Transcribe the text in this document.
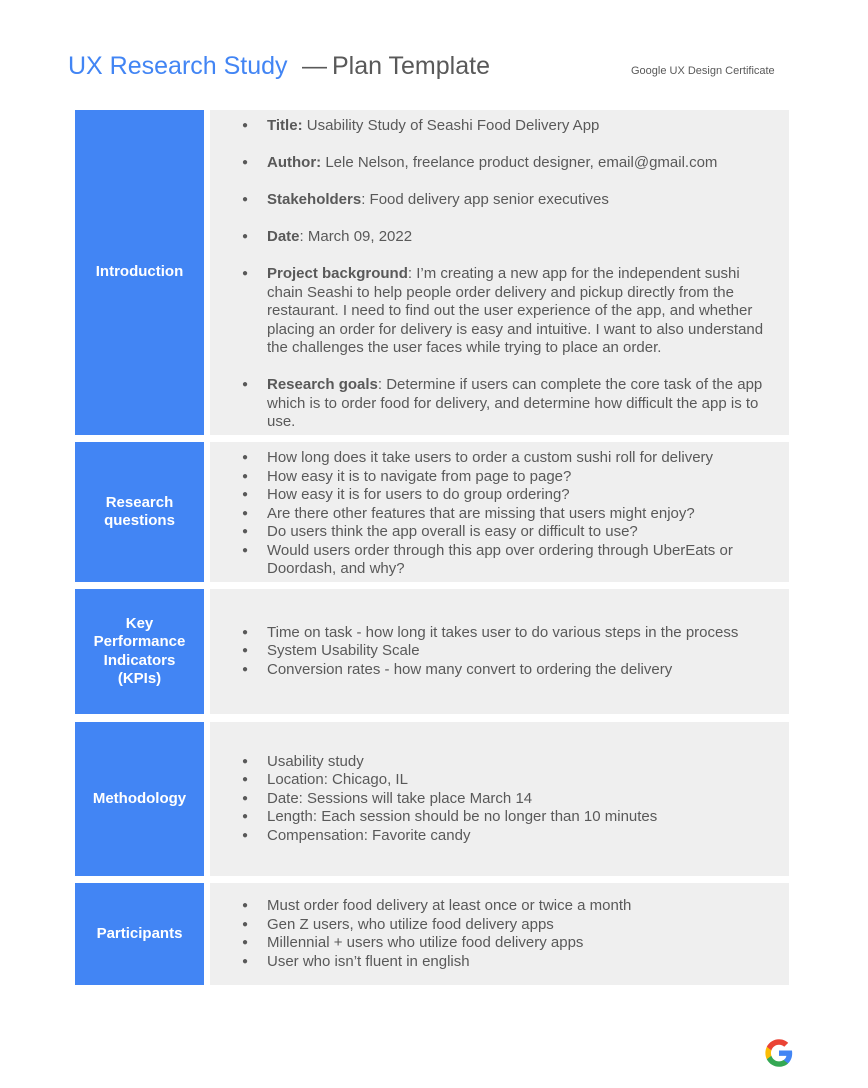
UX Research Study — Plan Template	Google UX Design Certificate
Introduction
● Title: Usability Study of Seashi Food Delivery App
● Author: Lele Nelson, freelance product designer, email@gmail.com
● Stakeholders: Food delivery app senior executives
● Date: March 09, 2022
● Project background: I’m creating a new app for the independent sushi chain Seashi to help people order delivery and pickup directly from the restaurant. I need to find out the user experience of the app, and whether placing an order for delivery is easy and intuitive. I want to also understand the challenges the user faces while trying to place an order.
● Research goals: Determine if users can complete the core task of the app which is to order food for delivery, and determine how difficult the app is to use.
Research
questions
● How long does it take users to order a custom sushi roll for delivery
● How easy it is to navigate from page to page?
● How easy it is for users to do group ordering?
● Are there other features that are missing that users might enjoy?
● Do users think the app overall is easy or difficult to use?
● Would users order through this app over ordering through UberEats or Doordash, and why?
Key
Performance
Indicators
(KPIs)
● Time on task - how long it takes user to do various steps in the process
● System Usability Scale
● Conversion rates - how many convert to ordering the delivery
Methodology
● Usability study
● Location: Chicago, IL
● Date: Sessions will take place March 14
● Length: Each session should be no longer than 10 minutes
● Compensation: Favorite candy
Participants
● Must order food delivery at least once or twice a month
● Gen Z users, who utilize food delivery apps
● Millennial + users who utilize food delivery apps
● User who isn’t fluent in english
